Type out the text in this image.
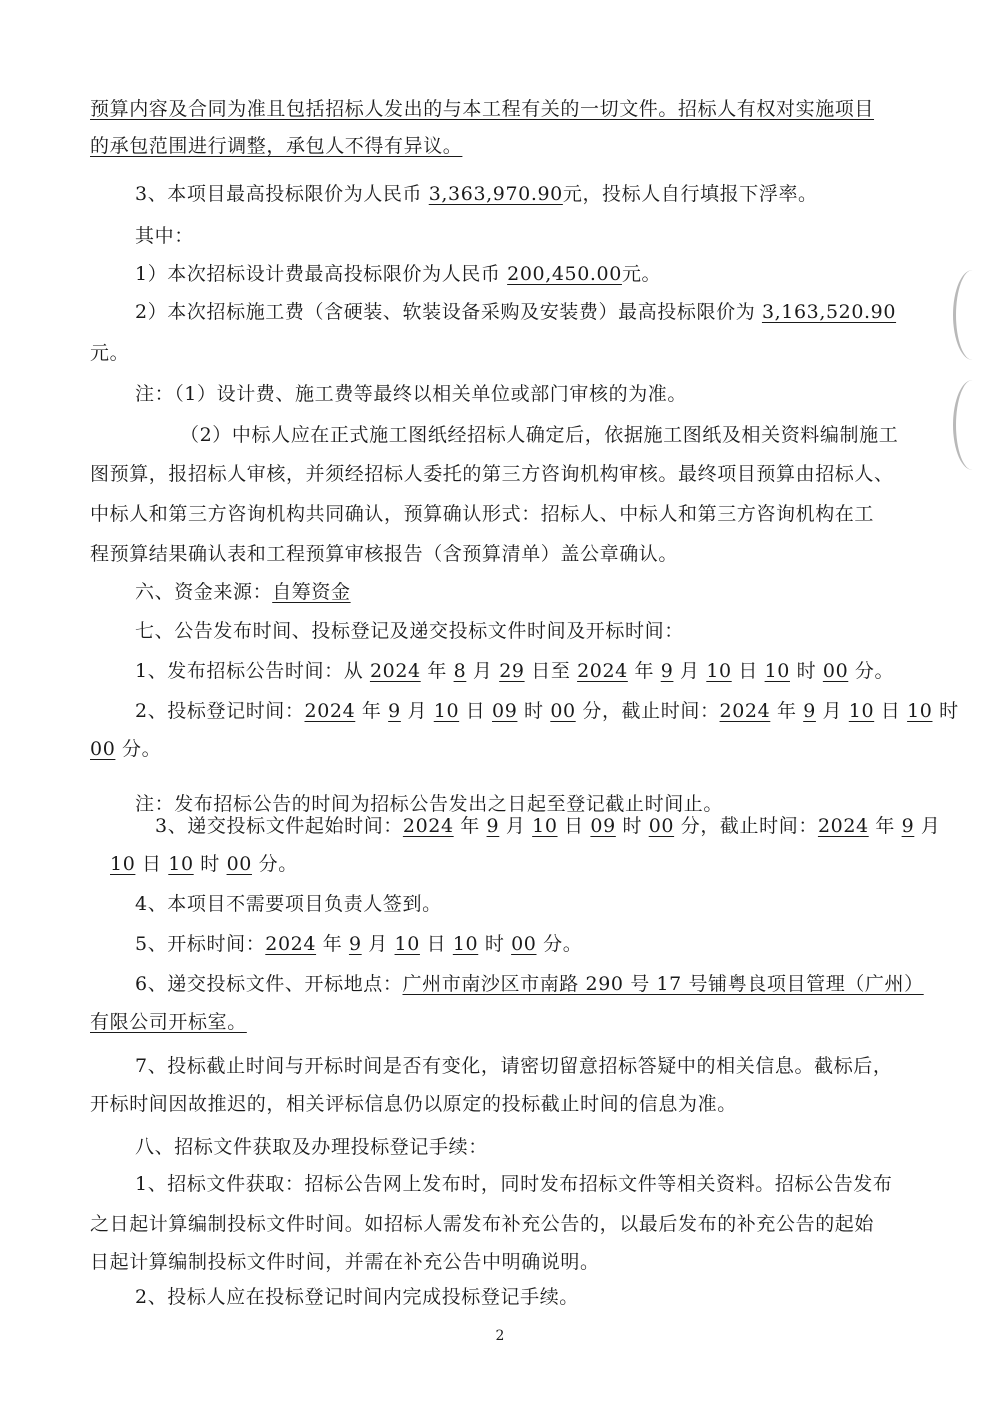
预算内容及合同为准且包括招标人发出的与本工程有关的一切文件。招标人有权对实施项目
的承包范围进行调整，承包人不得有异议。
3、本项目最高投标限价为人民币 3,363,970.90元，投标人自行填报下浮率。
其中：
1）本次招标设计费最高投标限价为人民币 200,450.00元。
2）本次招标施工费（含硬装、软装设备采购及安装费）最高投标限价为 3,163,520.90
元。
注：（1）设计费、施工费等最终以相关单位或部门审核的为准。
（2）中标人应在正式施工图纸经招标人确定后，依据施工图纸及相关资料编制施工
图预算，报招标人审核，并须经招标人委托的第三方咨询机构审核。最终项目预算由招标人、
中标人和第三方咨询机构共同确认，预算确认形式：招标人、中标人和第三方咨询机构在工
程预算结果确认表和工程预算审核报告（含预算清单）盖公章确认。
六、资金来源：自筹资金
七、公告发布时间、投标登记及递交投标文件时间及开标时间：
1、发布招标公告时间：从 2024 年 8 月 29 日至 2024 年 9 月 10 日 10 时 00 分。
2、投标登记时间：2024 年 9 月 10 日 09 时 00 分，截止时间：2024 年 9 月 10 日 10 时
00 分。
注：发布招标公告的时间为招标公告发出之日起至登记截止时间止。
3、递交投标文件起始时间：2024 年 9 月 10 日 09 时 00 分，截止时间：2024 年 9 月
10 日 10 时 00 分。
4、本项目不需要项目负责人签到。
5、开标时间：2024 年 9 月 10 日 10 时 00 分。
6、递交投标文件、开标地点：广州市南沙区市南路 290 号 17 号铺粤良项目管理（广州）
有限公司开标室。
7、投标截止时间与开标时间是否有变化，请密切留意招标答疑中的相关信息。截标后，
开标时间因故推迟的，相关评标信息仍以原定的投标截止时间的信息为准。
八、招标文件获取及办理投标登记手续：
1、招标文件获取：招标公告网上发布时，同时发布招标文件等相关资料。招标公告发布
之日起计算编制投标文件时间。如招标人需发布补充公告的，以最后发布的补充公告的起始
日起计算编制投标文件时间，并需在补充公告中明确说明。
2、投标人应在投标登记时间内完成投标登记手续。
2
